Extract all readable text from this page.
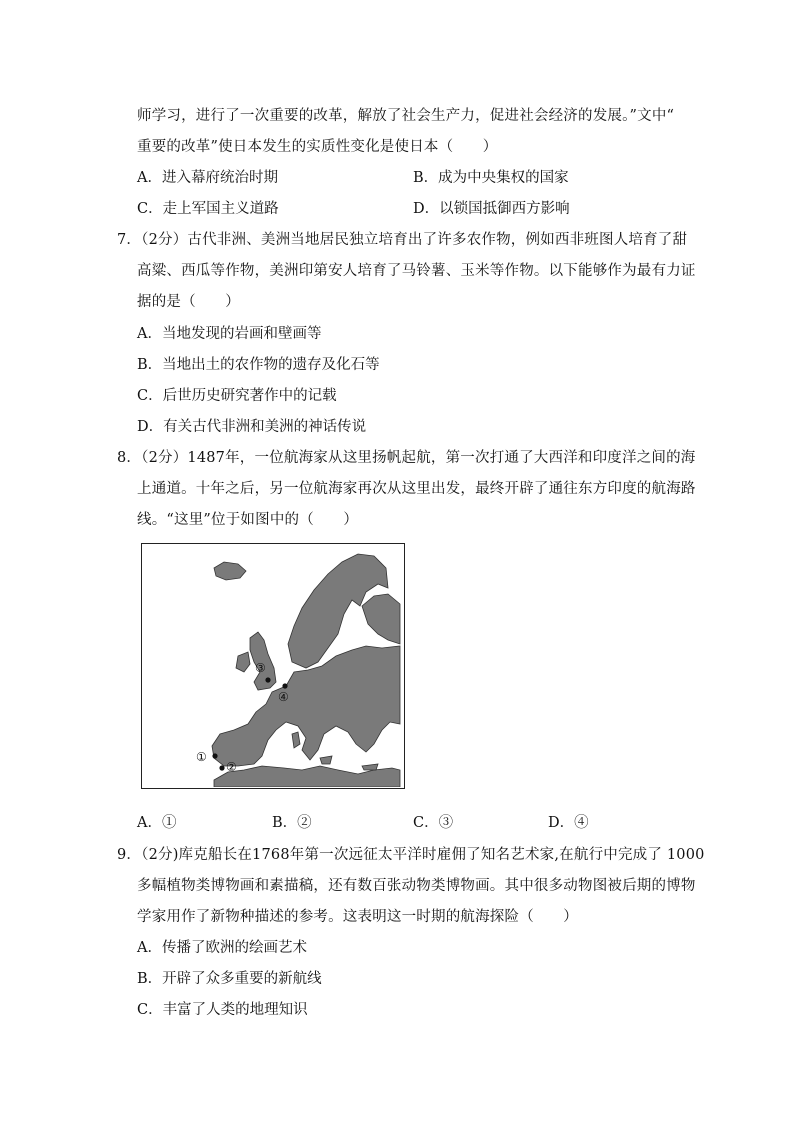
师学习，进行了一次重要的改革，解放了社会生产力，促进社会经济的发展。”文中“
重要的改革”使日本发生的实质性变化是使日本（　　）
A．进入幕府统治时期	B．成为中央集权的国家
C．走上军国主义道路	D．以锁国抵御西方影响
7．（2分）古代非洲、美洲当地居民独立培育出了许多农作物，例如西非班图人培育了甜
高粱、西瓜等作物，美洲印第安人培育了马铃薯、玉米等作物。以下能够作为最有力证
据的是（　　）
A．当地发现的岩画和壁画等
B．当地出土的农作物的遗存及化石等
C．后世历史研究著作中的记载
D．有关古代非洲和美洲的神话传说
8．（2分）1487年，一位航海家从这里扬帆起航，第一次打通了大西洋和印度洋之间的海
上通道。十年之后，另一位航海家再次从这里出发，最终开辟了通往东方印度的航海路
线。“这里”位于如图中的（　　）
①
②
③
④
A．①	B．②	C．③	D．④
9．（2分)库克船长在1768年第一次远征太平洋时雇佣了知名艺术家,在航行中完成了 1000
多幅植物类博物画和素描稿，还有数百张动物类博物画。其中很多动物图被后期的博物
学家用作了新物种描述的参考。这表明这一时期的航海探险（　　）
A．传播了欧洲的绘画艺术
B．开辟了众多重要的新航线
C．丰富了人类的地理知识
